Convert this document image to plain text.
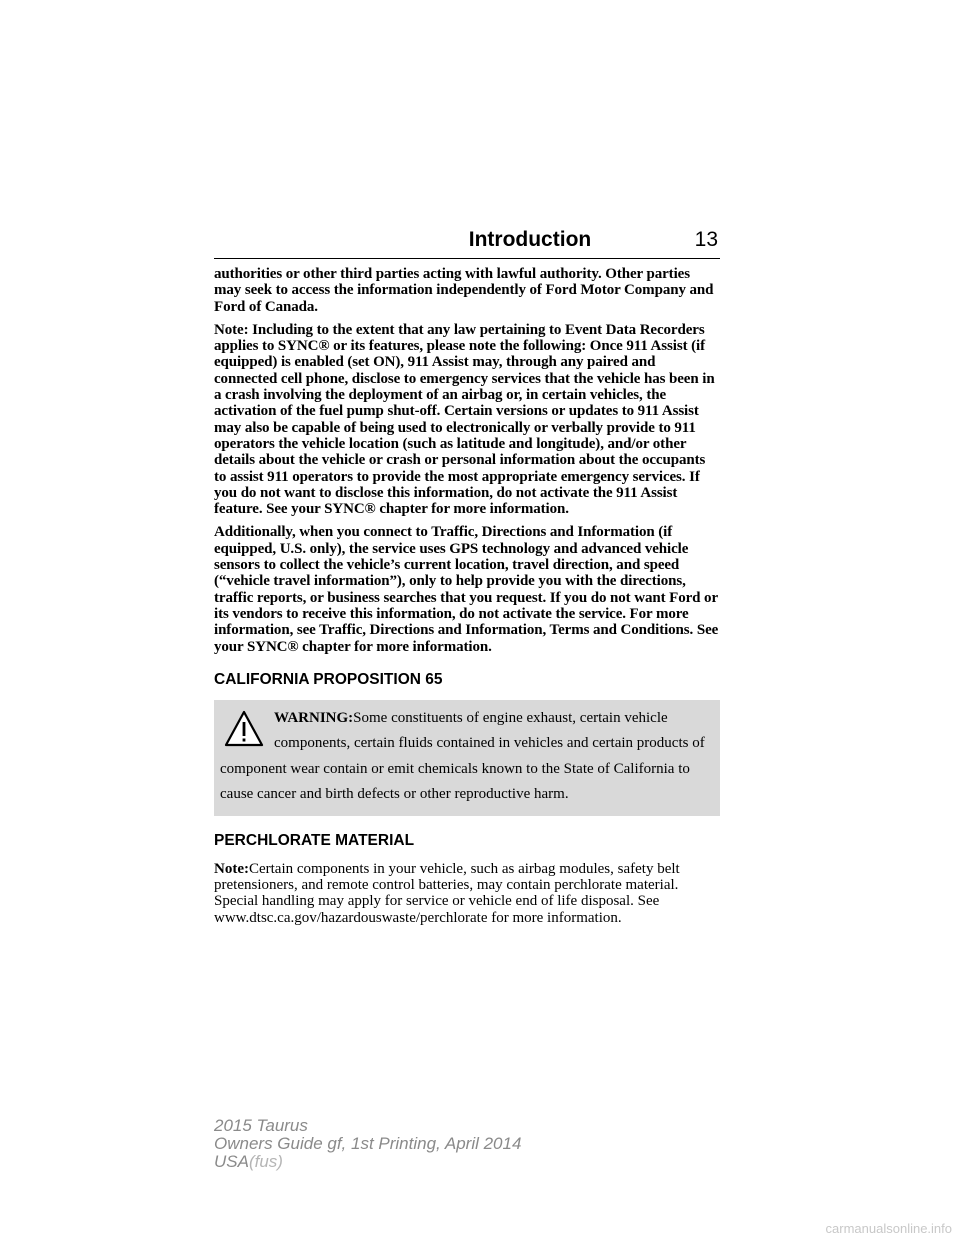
Introduction	13

authorities or other third parties acting with lawful authority. Other parties may seek to access the information independently of Ford Motor Company and Ford of Canada.

Note: Including to the extent that any law pertaining to Event Data Recorders applies to SYNC® or its features, please note the following: Once 911 Assist (if equipped) is enabled (set ON), 911 Assist may, through any paired and connected cell phone, disclose to emergency services that the vehicle has been in a crash involving the deployment of an airbag or, in certain vehicles, the activation of the fuel pump shut-off. Certain versions or updates to 911 Assist may also be capable of being used to electronically or verbally provide to 911 operators the vehicle location (such as latitude and longitude), and/or other details about the vehicle or crash or personal information about the occupants to assist 911 operators to provide the most appropriate emergency services. If you do not want to disclose this information, do not activate the 911 Assist feature. See your SYNC® chapter for more information.

Additionally, when you connect to Traffic, Directions and Information (if equipped, U.S. only), the service uses GPS technology and advanced vehicle sensors to collect the vehicle’s current location, travel direction, and speed (“vehicle travel information”), only to help provide you with the directions, traffic reports, or business searches that you request. If you do not want Ford or its vendors to receive this information, do not activate the service. For more information, see Traffic, Directions and Information, Terms and Conditions. See your SYNC® chapter for more information.

CALIFORNIA PROPOSITION 65
WARNING:Some constituents of engine exhaust, certain vehicle components, certain fluids contained in vehicles and certain products of component wear contain or emit chemicals known to the State of California to cause cancer and birth defects or other reproductive harm.
PERCHLORATE MATERIAL

Note:Certain components in your vehicle, such as airbag modules, safety belt pretensioners, and remote control batteries, may contain perchlorate material. Special handling may apply for service or vehicle end of life disposal. See www.dtsc.ca.gov/hazardouswaste/perchlorate for more information.

2015 Taurus
Owners Guide gf, 1st Printing, April 2014
USA(fus)
carmanualsonline.info
